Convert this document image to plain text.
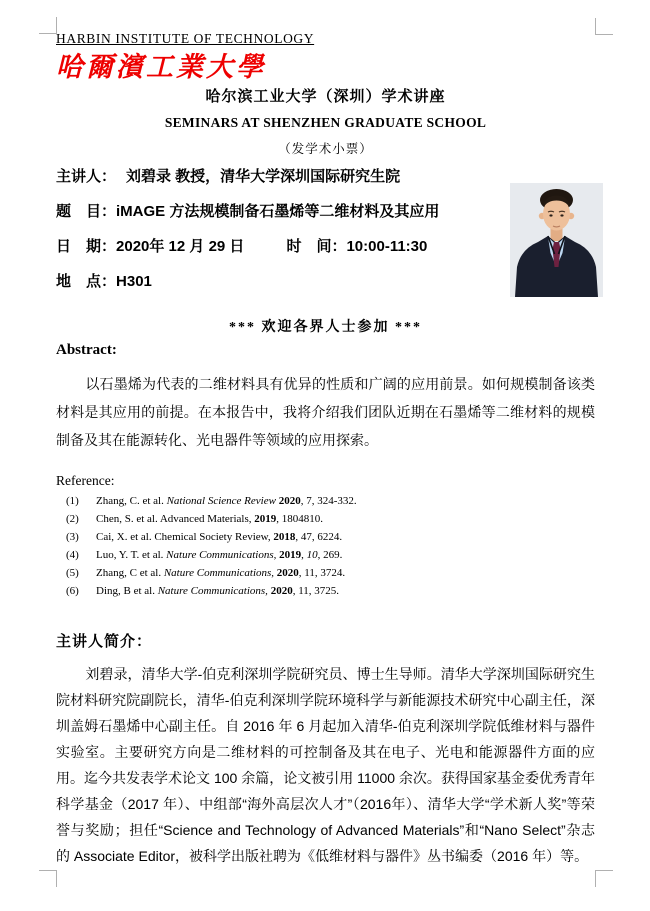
HARBIN INSTITUTE OF TECHNOLOGY
哈爾濱工業大學
哈尔滨工业大学（深圳）学术讲座
SEMINARS AT SHENZHEN GRADUATE SCHOOL
（发学术小票）
主讲人： 刘碧录 教授，清华大学深圳国际研究生院
题　目：iMAGE 方法规模制备石墨烯等二维材料及其应用
日　期：2020年 12 月 29 日	时　间：10:00-11:30
地　点：H301
*** 欢迎各界人士参加 ***
Abstract:
以石墨烯为代表的二维材料具有优异的性质和广阔的应用前景。如何规模制备该类材料是其应用的前提。在本报告中，我将介绍我们团队近期在石墨烯等二维材料的规模制备及其在能源转化、光电器件等领域的应用探索。
Reference:
(1) Zhang, C. et al. National Science Review 2020, 7, 324-332.
(2) Chen, S. et al. Advanced Materials, 2019, 1804810.
(3) Cai, X. et al. Chemical Society Review, 2018, 47, 6224.
(4) Luo, Y. T. et al. Nature Communications, 2019, 10, 269.
(5) Zhang, C et al. Nature Communications, 2020, 11, 3724.
(6) Ding, B et al. Nature Communications, 2020, 11, 3725.
主讲人简介：
刘碧录，清华大学-伯克利深圳学院研究员、博士生导师。清华大学深圳国际研究生院材料研究院副院长，清华-伯克利深圳学院环境科学与新能源技术研究中心副主任，深圳盖姆石墨烯中心副主任。自 2016 年 6 月起加入清华-伯克利深圳学院低维材料与器件实验室。主要研究方向是二维材料的可控制备及其在电子、光电和能源器件方面的应用。迄今共发表学术论文 100 余篇，论文被引用 11000 余次。获得国家基金委优秀青年科学基金（2017 年）、中组部“海外高层次人才”（2016年）、清华大学“学术新人奖”等荣誉与奖励；担任“Science and Technology of Advanced Materials”和“Nano Select”杂志的 Associate Editor，被科学出版社聘为《低维材料与器件》丛书编委（2016 年）等。
